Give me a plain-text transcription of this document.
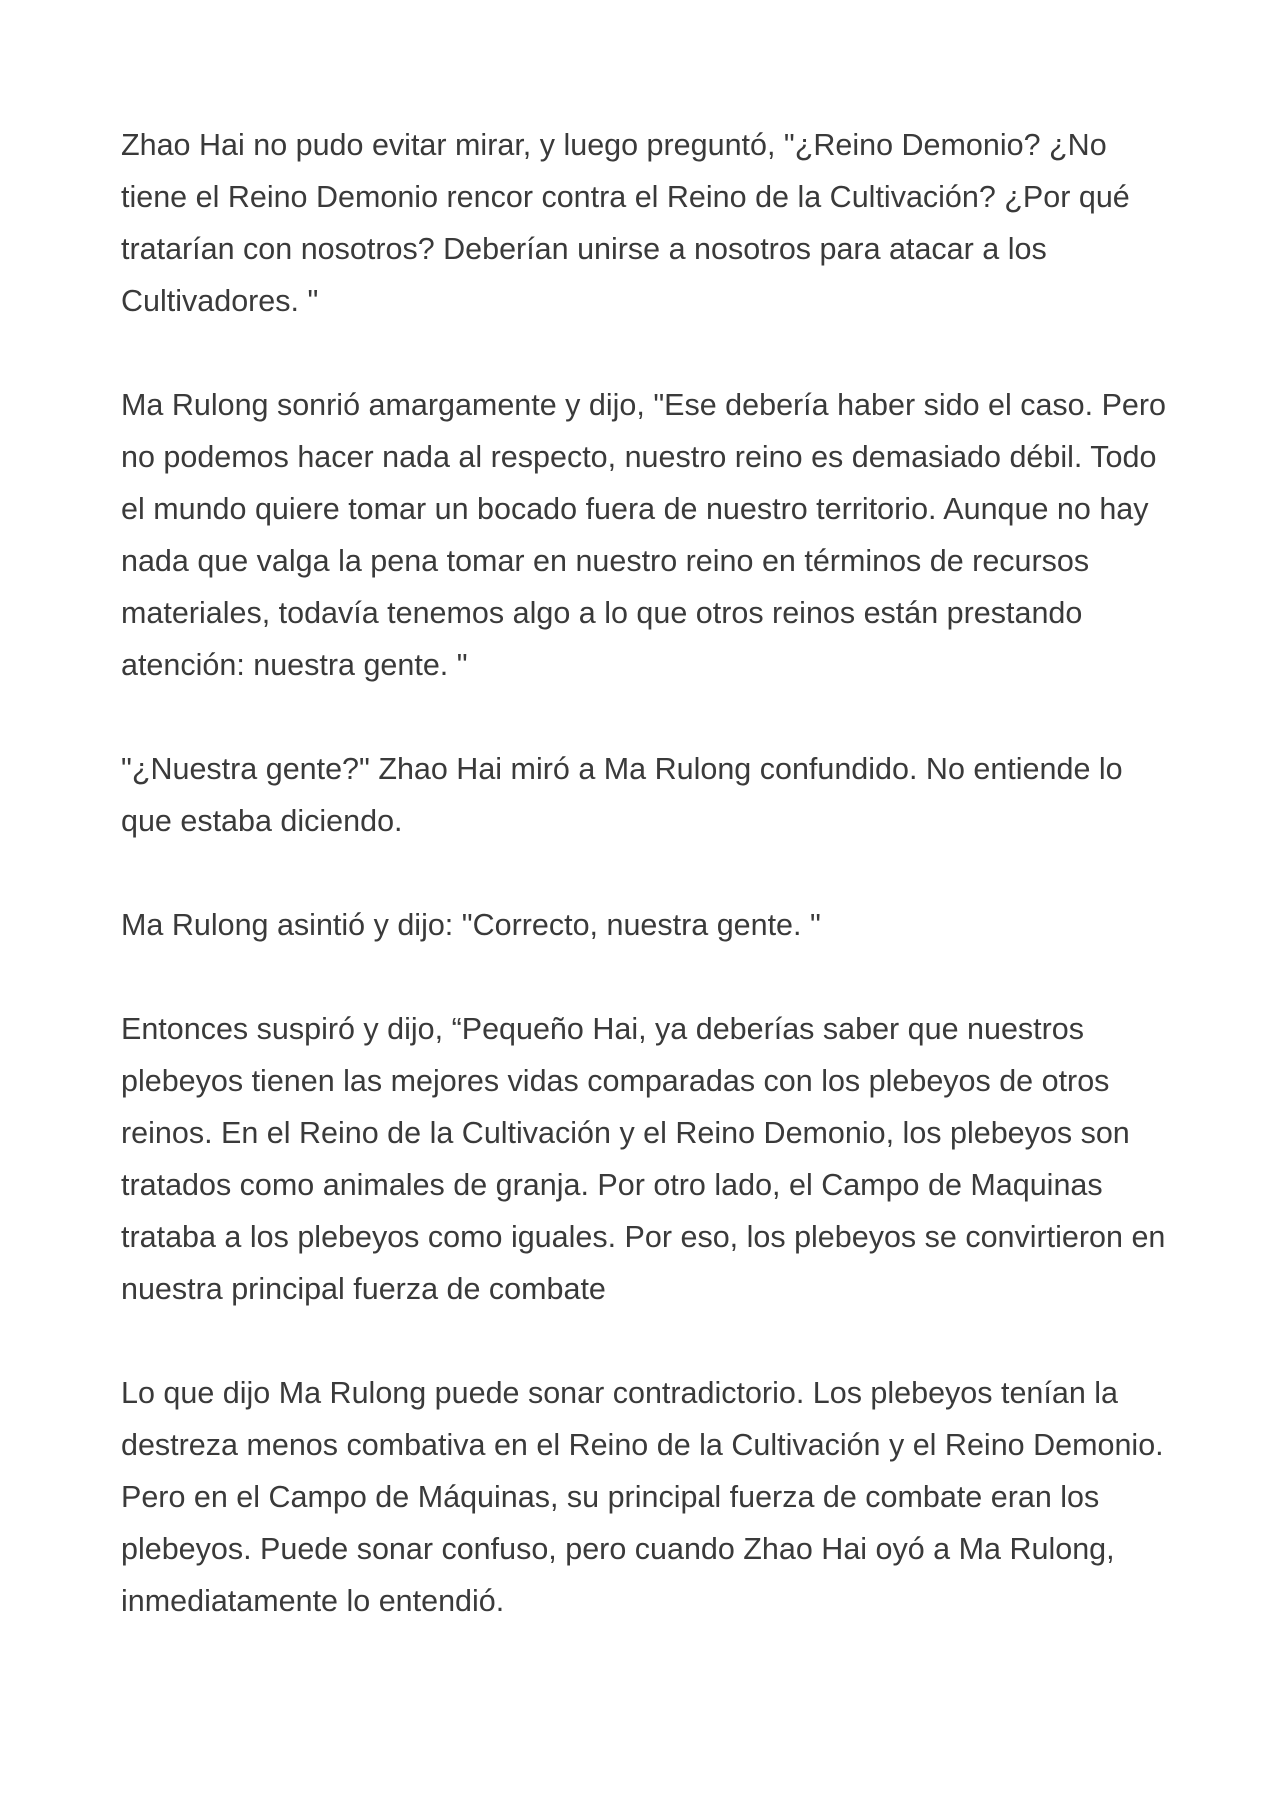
Zhao Hai no pudo evitar mirar, y luego preguntó, "¿Reino Demonio? ¿No
tiene el Reino Demonio rencor contra el Reino de la Cultivación? ¿Por qué
tratarían con nosotros? Deberían unirse a nosotros para atacar a los
Cultivadores. "

Ma Rulong sonrió amargamente y dijo, "Ese debería haber sido el caso. Pero
no podemos hacer nada al respecto, nuestro reino es demasiado débil. Todo
el mundo quiere tomar un bocado fuera de nuestro territorio. Aunque no hay
nada que valga la pena tomar en nuestro reino en términos de recursos
materiales, todavía tenemos algo a lo que otros reinos están prestando
atención: nuestra gente. "

"¿Nuestra gente?" Zhao Hai miró a Ma Rulong confundido. No entiende lo
que estaba diciendo.

Ma Rulong asintió y dijo: "Correcto, nuestra gente. "

Entonces suspiró y dijo, “Pequeño Hai, ya deberías saber que nuestros
plebeyos tienen las mejores vidas comparadas con los plebeyos de otros
reinos. En el Reino de la Cultivación y el Reino Demonio, los plebeyos son
tratados como animales de granja. Por otro lado, el Campo de Maquinas
trataba a los plebeyos como iguales. Por eso, los plebeyos se convirtieron en
nuestra principal fuerza de combate

Lo que dijo Ma Rulong puede sonar contradictorio. Los plebeyos tenían la
destreza menos combativa en el Reino de la Cultivación y el Reino Demonio.
Pero en el Campo de Máquinas, su principal fuerza de combate eran los
plebeyos. Puede sonar confuso, pero cuando Zhao Hai oyó a Ma Rulong,
inmediatamente lo entendió.
